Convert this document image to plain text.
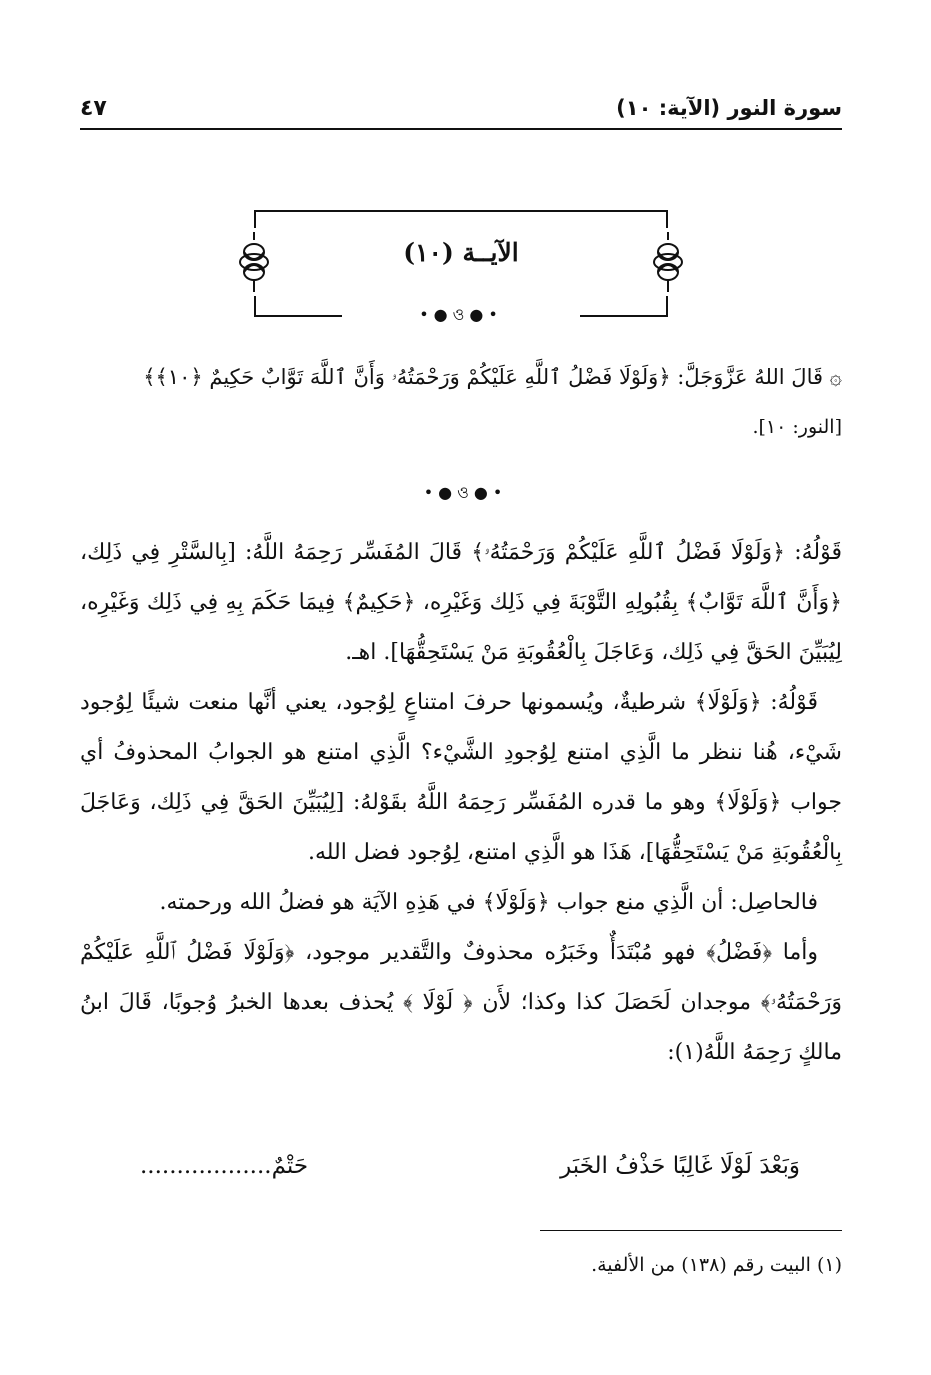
سورة النور (الآية: ١٠)
٤٧
الآيــة (١٠)
•●ও●•

۞ قَالَ اللهُ عَزَّوَجَلَّ: ﴿وَلَوْلَا فَضْلُ ٱللَّهِ عَلَيْكُمْ وَرَحْمَتُهُۥ وَأَنَّ ٱللَّهَ تَوَّابٌ حَكِيمٌ ﴿١٠﴾﴾

[النور: ١٠].

•●ও●•

قَوْلُهُ: ﴿وَلَوْلَا فَضْلُ ٱللَّهِ عَلَيْكُمْ وَرَحْمَتُهُۥ﴾ قَالَ المُفَسِّر رَحِمَهُ اللَّهُ: [بِالسَّتْرِ فِي ذَلِك، ﴿وَأَنَّ ٱللَّهَ تَوَّابٌ﴾ بِقُبُولِهِ التَّوْبَةَ فِي ذَلِك وَغَيْرِه، ﴿حَكِيمٌ﴾ فِيمَا حَكَمَ بِهِ فِي ذَلِك وَغَيْرِه، لِيُبَيِّنَ الحَقَّ فِي ذَلِك، وَعَاجَلَ بِالْعُقُوبَةِ مَنْ يَسْتَحِقُّهَا]. اهـ.

قَوْلُهُ: ﴿وَلَوْلَا﴾ شرطيةٌ، ويُسمونها حرفَ امتناعٍ لِوُجود، يعني أنَّها منعت شيئًا لِوُجود شَيْء، هُنا ننظر ما الَّذِي امتنع لِوُجودِ الشَّيْء؟ الَّذِي امتنع هو الجوابُ المحذوفُ أي جواب ﴿وَلَوْلَا﴾ وهو ما قدره المُفَسِّر رَحِمَهُ اللَّهُ بقَوْلهُ: [لِيُبَيِّنَ الحَقَّ فِي ذَلِك، وَعَاجَلَ بِالْعُقُوبَةِ مَنْ يَسْتَحِقُّهَا]، هَذَا هو الَّذِي امتنع، لِوُجود فضل الله.

فالحاصِل: أن الَّذِي منع جواب ﴿وَلَوْلَا﴾ في هَذِهِ الآيَة هو فضلُ الله ورحمته.

وأما ﴿فَضْلُ﴾ فهو مُبْتَدَأٌ وخَبَرُه محذوفٌ والتَّقدير موجود، ﴿وَلَوْلَا فَضْلُ ٱللَّهِ عَلَيْكُمْ وَرَحْمَتُهُۥ﴾ موجدان لَحَصَلَ كذا وكذا؛ لأَن ﴿ لَوْلَا ﴾ يُحذف بعدها الخبرُ وُجوبًا، قَالَ ابنُ مالكٍ رَحِمَهُ اللَّهُ(١):

وَبَعْدَ لَوْلَا غَالِبًا حَذْفُ الخَبَر
حَتْمٌ..................
(١) البيت رقم (١٣٨) من الألفية.
